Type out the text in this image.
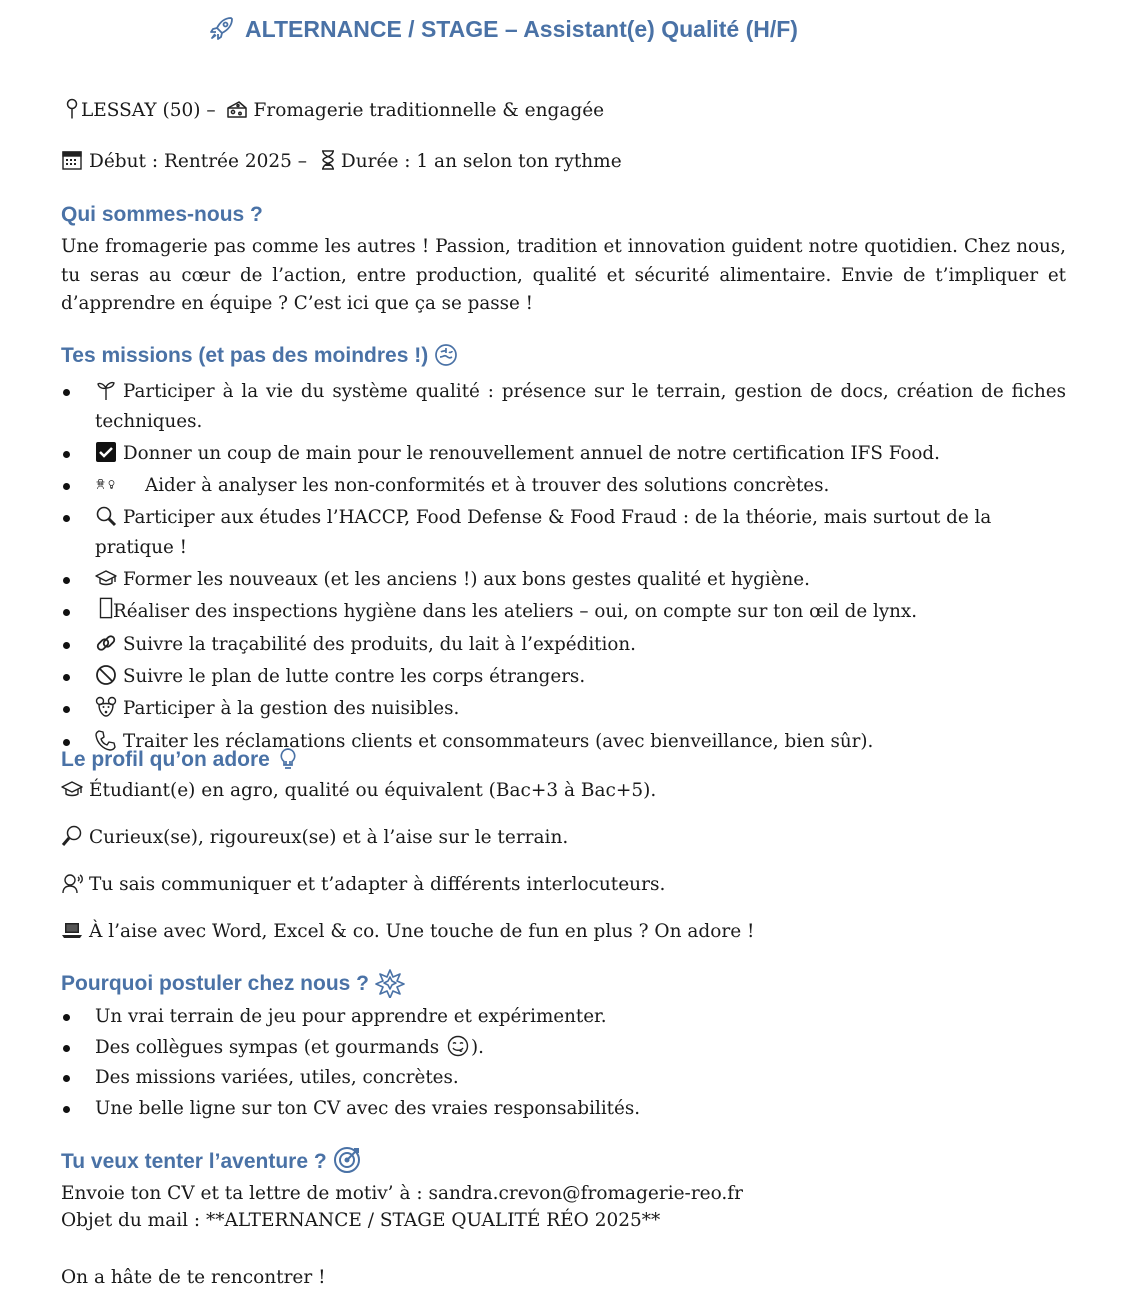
ALTERNANCE / STAGE – Assistant(e) Qualité (H/F)
LESSAY (50) – Fromagerie traditionnelle & engagée
Début : Rentrée 2025 – Durée : 1 an selon ton rythme
Qui sommes-nous ?
Une fromagerie pas comme les autres ! Passion, tradition et innovation guident notre quotidien. Chez nous, tu seras au cœur de l’action, entre production, qualité et sécurité alimentaire. Envie de t’impliquer et d’apprendre en équipe ? C’est ici que ça se passe !
Tes missions (et pas des moindres !)
Participer à la vie du système qualité : présence sur le terrain, gestion de docs, création de fiches techniques.
Donner un coup de main pour le renouvellement annuel de notre certification IFS Food.
Aider à analyser les non-conformités et à trouver des solutions concrètes.
Participer aux études l’HACCP, Food Defense & Food Fraud : de la théorie, mais surtout de la pratique !
Former les nouveaux (et les anciens !) aux bons gestes qualité et hygiène.
Réaliser des inspections hygiène dans les ateliers – oui, on compte sur ton œil de lynx.
Suivre la traçabilité des produits, du lait à l’expédition.
Suivre le plan de lutte contre les corps étrangers.
Participer à la gestion des nuisibles.
Traiter les réclamations clients et consommateurs (avec bienveillance, bien sûr).
Le profil qu’on adore
Étudiant(e) en agro, qualité ou équivalent (Bac+3 à Bac+5).
Curieux(se), rigoureux(se) et à l’aise sur le terrain.
Tu sais communiquer et t’adapter à différents interlocuteurs.
À l’aise avec Word, Excel & co. Une touche de fun en plus ? On adore !
Pourquoi postuler chez nous ?
Un vrai terrain de jeu pour apprendre et expérimenter.
Des collègues sympas (et gourmands ).
Des missions variées, utiles, concrètes.
Une belle ligne sur ton CV avec des vraies responsabilités.
Tu veux tenter l’aventure ?
Envoie ton CV et ta lettre de motiv’ à : sandra.crevon@fromagerie-reo.fr
Objet du mail : **ALTERNANCE / STAGE QUALITÉ RÉO 2025**
On a hâte de te rencontrer !
